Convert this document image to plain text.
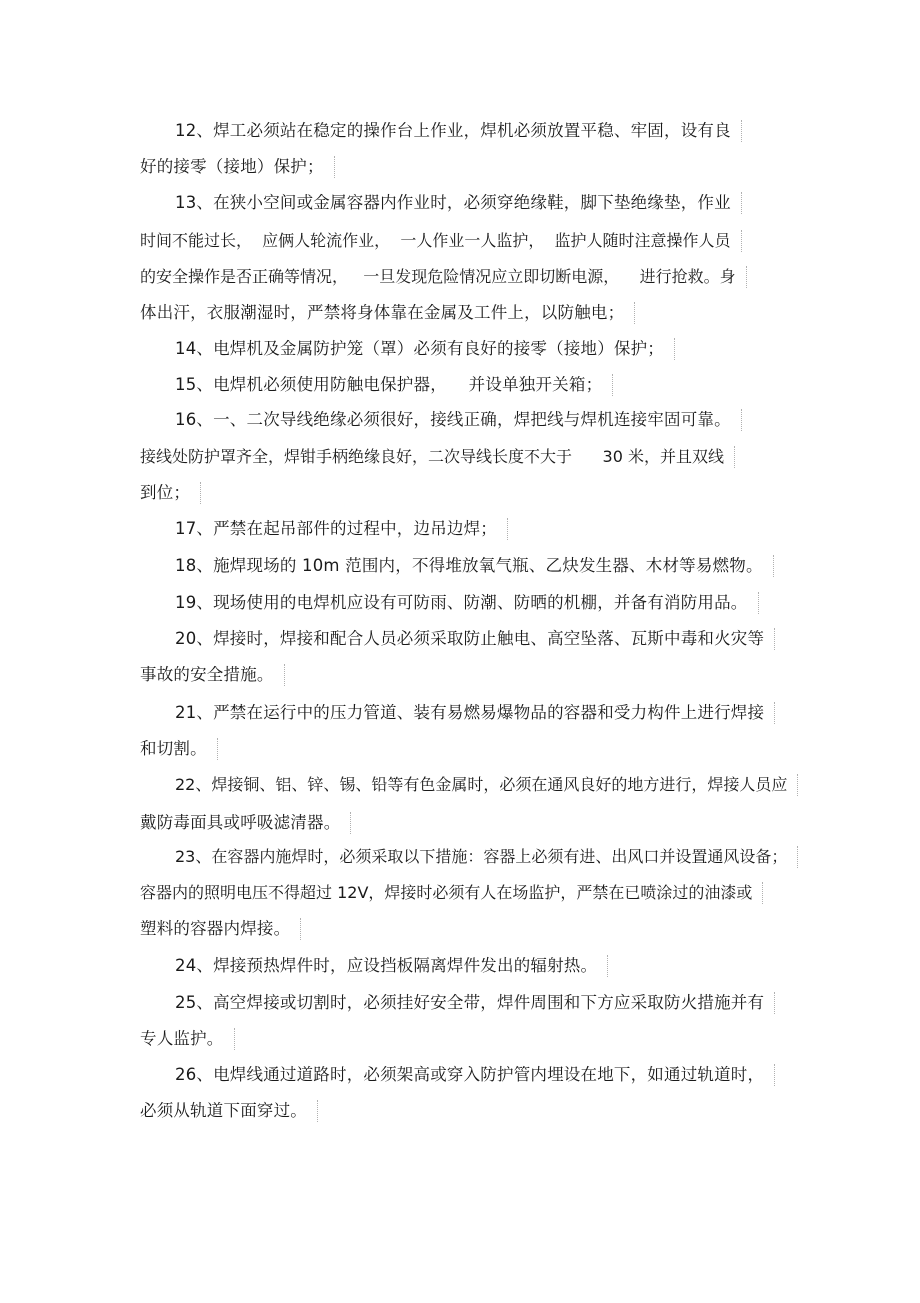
12、焊工必须站在稳定的操作台上作业，焊机必须放置平稳、牢固，设有良
好的接零（接地）保护；
13、在狭小空间或金属容器内作业时，必须穿绝缘鞋，脚下垫绝缘垫，作业
时间不能过长，  应俩人轮流作业，  一人作业一人监护，  监护人随时注意操作人员
的安全操作是否正确等情况，   一旦发现危险情况应立即切断电源，    进行抢救。身
体出汗，衣服潮湿时，严禁将身体靠在金属及工件上，以防触电；
14、电焊机及金属防护笼（罩）必须有良好的接零（接地）保护；
15、电焊机必须使用防触电保护器，    并设单独开关箱；
16、一、二次导线绝缘必须很好，接线正确，焊把线与焊机连接牢固可靠。
接线处防护罩齐全，焊钳手柄绝缘良好，二次导线长度不大于      30 米，并且双线
到位；
17、严禁在起吊部件的过程中，边吊边焊；
18、施焊现场的 10m 范围内，不得堆放氧气瓶、乙炔发生器、木材等易燃物。
19、现场使用的电焊机应设有可防雨、防潮、防晒的机棚，并备有消防用品。
20、焊接时，焊接和配合人员必须采取防止触电、高空坠落、瓦斯中毒和火灾等
事故的安全措施。
21、严禁在运行中的压力管道、装有易燃易爆物品的容器和受力构件上进行焊接
和切割。
22、焊接铜、铝、锌、锡、铅等有色金属时，必须在通风良好的地方进行，焊接人员应
戴防毒面具或呼吸滤清器。
23、在容器内施焊时，必须采取以下措施：容器上必须有进、出风口并设置通风设备；
容器内的照明电压不得超过 12V，焊接时必须有人在场监护，严禁在已喷涂过的油漆或
塑料的容器内焊接。
24、焊接预热焊件时，应设挡板隔离焊件发出的辐射热。
25、高空焊接或切割时，必须挂好安全带，焊件周围和下方应采取防火措施并有
专人监护。
26、电焊线通过道路时，必须架高或穿入防护管内埋设在地下，如通过轨道时，
必须从轨道下面穿过。
